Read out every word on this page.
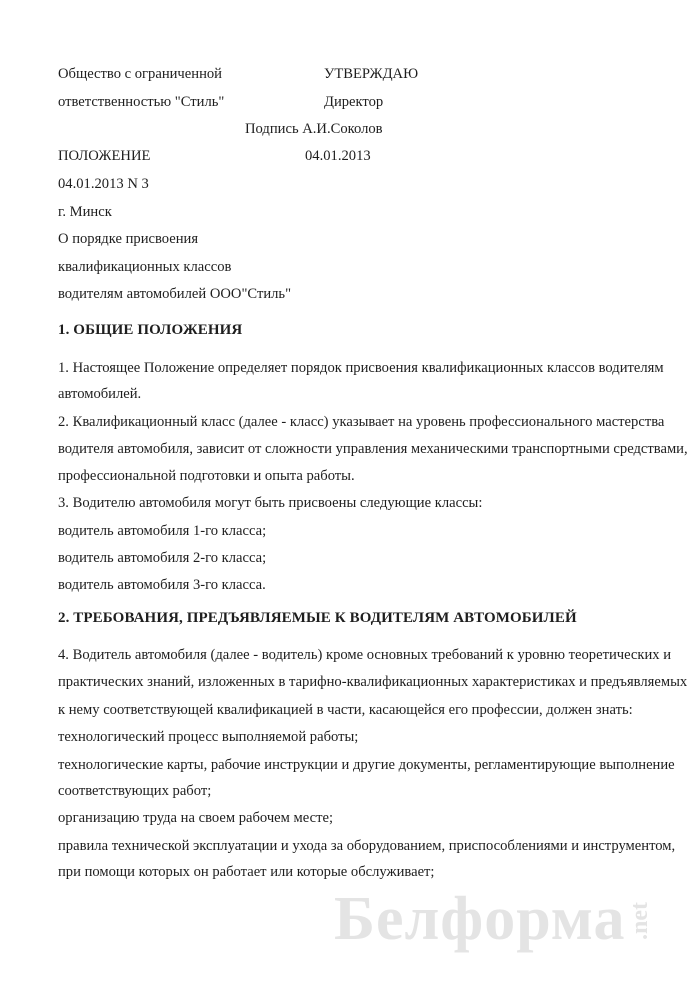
Общество с ограниченной
ответственностью "Стиль"
УТВЕРЖДАЮ
Директор
Подпись А.И.Соколов
ПОЛОЖЕНИЕ	04.01.2013
04.01.2013 N 3
г. Минск
О порядке присвоения
квалификационных классов
водителям автомобилей ООО"Стиль"
1. ОБЩИЕ ПОЛОЖЕНИЯ
1. Настоящее Положение определяет порядок присвоения квалификационных классов водителям
автомобилей.
2. Квалификационный класс (далее - класс) указывает на уровень профессионального мастерства
водителя автомобиля, зависит от сложности управления механическими транспортными средствами,
профессиональной подготовки и опыта работы.
3. Водителю автомобиля могут быть присвоены следующие классы:
водитель автомобиля 1-го класса;
водитель автомобиля 2-го класса;
водитель автомобиля 3-го класса.
2. ТРЕБОВАНИЯ, ПРЕДЪЯВЛЯЕМЫЕ К ВОДИТЕЛЯМ АВТОМОБИЛЕЙ
4. Водитель автомобиля (далее - водитель) кроме основных требований к уровню теоретических и
практических знаний, изложенных в тарифно-квалификационных характеристиках и предъявляемых
к нему соответствующей квалификацией в части, касающейся его профессии, должен знать:
технологический процесс выполняемой работы;
технологические карты, рабочие инструкции и другие документы, регламентирующие выполнение
соответствующих работ;
организацию труда на своем рабочем месте;
правила технической эксплуатации и ухода за оборудованием, приспособлениями и инструментом,
при помощи которых он работает или которые обслуживает;
Белформа .net
